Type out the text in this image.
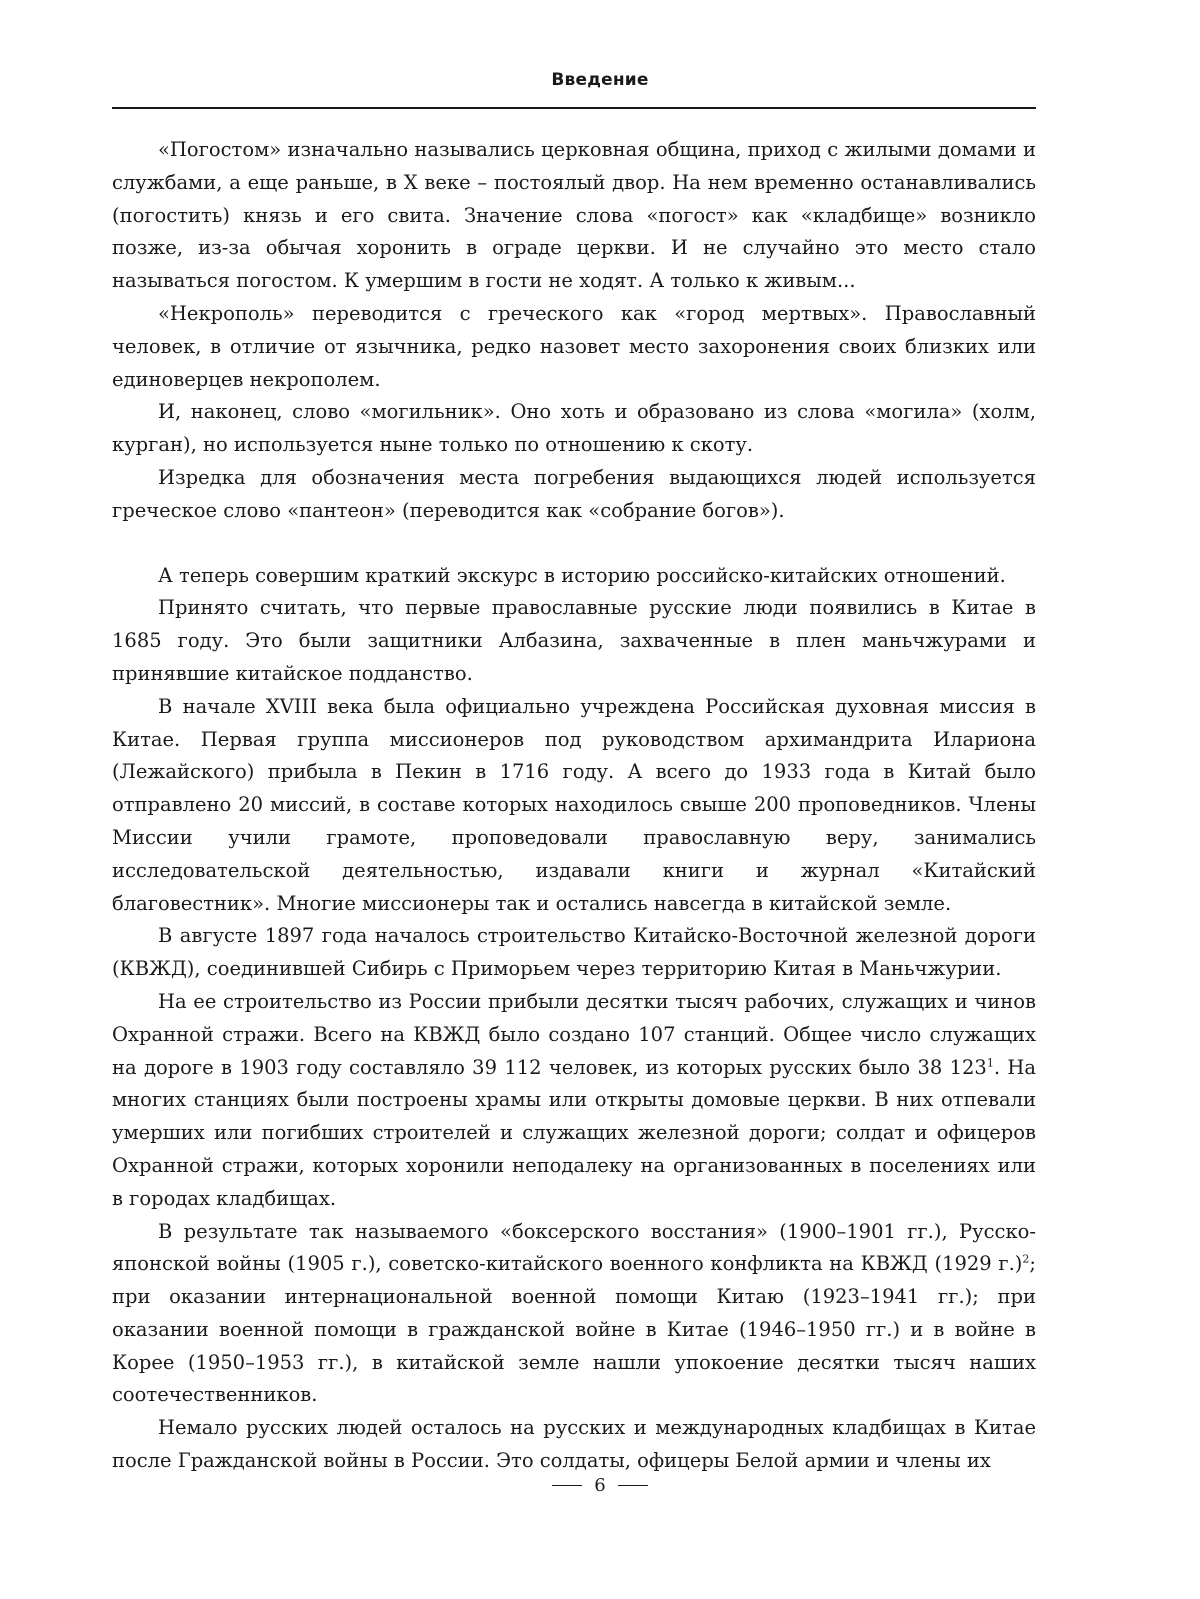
Введение

«Погостом» изначально назывались церковная община, приход с жилыми домами и службами, а еще раньше, в X веке – постоялый двор. На нем временно останавливались (погостить) князь и его свита. Значение слова «погост» как «кладбище» возникло позже, из-за обычая хоронить в ограде церкви. И не случайно это место стало называться погостом. К умершим в гости не ходят. А только к живым...

«Некрополь» переводится с греческого как «город мертвых». Православный человек, в отличие от язычника, редко назовет место захоронения своих близких или единоверцев некрополем.

И, наконец, слово «могильник». Оно хоть и образовано из слова «могила» (холм, курган), но используется ныне только по отношению к скоту.

Изредка для обозначения места погребения выдающихся людей используется греческое слово «пантеон» (переводится как «собрание богов»).

А теперь совершим краткий экскурс в историю российско-китайских отношений.

Принято считать, что первые православные русские люди появились в Китае в 1685 году. Это были защитники Албазина, захваченные в плен маньчжурами и принявшие китайское подданство.

В начале XVIII века была официально учреждена Российская духовная миссия в Китае. Первая группа миссионеров под руководством архимандрита Илариона (Лежайского) прибыла в Пекин в 1716 году. А всего до 1933 года в Китай было отправлено 20 миссий, в составе которых находилось свыше 200 проповедников. Члены Миссии учили грамоте, проповедовали православную веру, занимались исследовательской деятельностью, издавали книги и журнал «Китайский благовестник». Многие миссионеры так и остались навсегда в китайской земле.

В августе 1897 года началось строительство Китайско-Восточной железной дороги (КВЖД), соединившей Сибирь с Приморьем через территорию Китая в Маньчжурии.

На ее строительство из России прибыли десятки тысяч рабочих, служащих и чинов Охранной стражи. Всего на КВЖД было создано 107 станций. Общее число служащих на дороге в 1903 году составляло 39 112 человек, из которых русских было 38 $123^1$. На многих станциях были построены храмы или открыты домовые церкви. В них отпевали умерших или погибших строителей и служащих железной дороги; солдат и офицеров Охранной стражи, которых хоронили неподалеку на организованных в поселениях или в городах кладбищах.

В результате так называемого «боксерского восстания» (1900–1901 гг.), Русско-японской войны (1905 г.), советско-китайского военного конфликта на КВЖД (1929 г.)$^2$; при оказании интернациональной военной помощи Китаю (1923–1941 гг.); при оказании военной помощи в гражданской войне в Китае (1946–1950 гг.) и в войне в Корее (1950–1953 гг.), в китайской земле нашли упокоение десятки тысяч наших соотечественников.

Немало русских людей осталось на русских и международных кладбищах в Китае после Гражданской войны в России. Это солдаты, офицеры Белой армии и члены их

6
